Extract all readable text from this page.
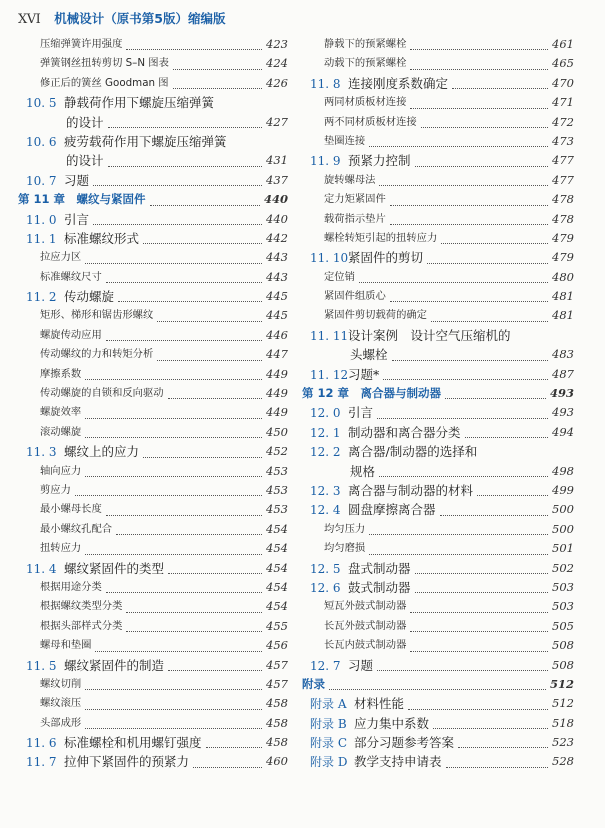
XVI 机械设计（原书第5版）缩编版
压缩弹簧许用强度	423
弹簧钢丝扭转剪切 S–N 图表	424
修正后的簧丝 Goodman 图	426
10. 5 静载荷作用下螺旋压缩弹簧
的设计	427
10. 6 疲劳载荷作用下螺旋压缩弹簧
的设计	431
10. 7 习题	437
第 11 章　螺纹与紧固件	440
11. 0 引言	440
11. 1 标准螺纹形式	442
拉应力区	443
标准螺纹尺寸	443
11. 2 传动螺旋	445
矩形、梯形和锯齿形螺纹	445
螺旋传动应用	446
传动螺纹的力和转矩分析	447
摩擦系数	449
传动螺旋的自锁和反向驱动	449
螺旋效率	449
滚动螺旋	450
11. 3 螺纹上的应力	452
轴向应力	453
剪应力	453
最小螺母长度	453
最小螺纹孔配合	454
扭转应力	454
11. 4 螺纹紧固件的类型	454
根据用途分类	454
根据螺纹类型分类	454
根据头部样式分类	455
螺母和垫圈	456
11. 5 螺纹紧固件的制造	457
螺纹切削	457
螺纹滚压	458
头部成形	458
11. 6 标准螺栓和机用螺钉强度	458
11. 7 拉伸下紧固件的预紧力	460
静载下的预紧螺栓	461
动载下的预紧螺栓	465
11. 8 连接刚度系数确定	470
两同材质板材连接	471
两不同材质板材连接	472
垫圈连接	473
11. 9 预紧力控制	477
旋转螺母法	477
定力矩紧固件	478
载荷指示垫片	478
螺栓转矩引起的扭转应力	479
11. 10紧固件的剪切	479
定位销	480
紧固件组质心	481
紧固件剪切载荷的确定	481
11. 11设计案例　设计空气压缩机的
头螺栓	483
11. 12习题*	487
第 12 章　离合器与制动器	493
12. 0 引言	493
12. 1 制动器和离合器分类	494
12. 2 离合器/制动器的选择和
规格	498
12. 3 离合器与制动器的材料	499
12. 4 圆盘摩擦离合器	500
均匀压力	500
均匀磨损	501
12. 5 盘式制动器	502
12. 6 鼓式制动器	503
短瓦外鼓式制动器	503
长瓦外鼓式制动器	505
长瓦内鼓式制动器	508
12. 7 习题	508
附录	512
附录 A 材料性能	512
附录 B 应力集中系数	518
附录 C 部分习题参考答案	523
附录 D 教学支持申请表	528
